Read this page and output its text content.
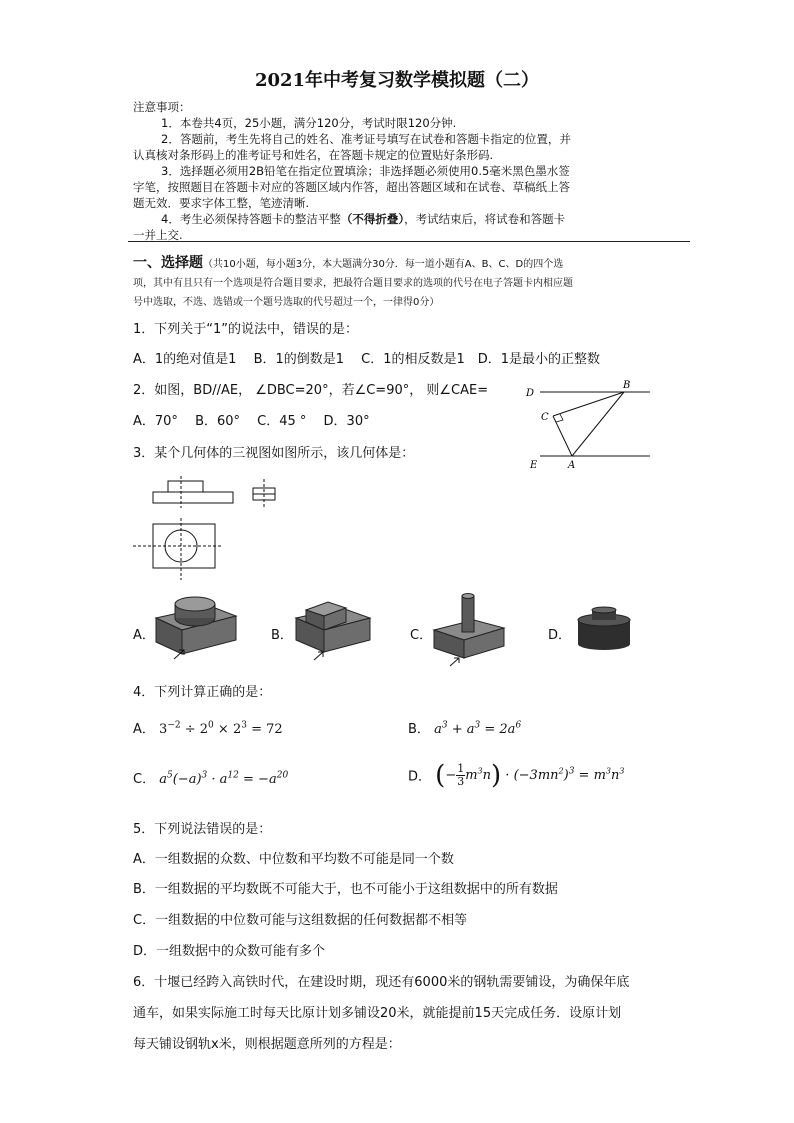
2021年中考复习数学模拟题（二）
注意事项：
1．本卷共4页，25小题，满分120分，考试时限120分钟.
2．答题前，考生先将自己的姓名、准考证号填写在试卷和答题卡指定的位置，并
认真核对条形码上的准考证号和姓名，在答题卡规定的位置贴好条形码.
3．选择题必须用2B铅笔在指定位置填涂；非选择题必须使用0.5毫米黑色墨水签
字笔，按照题目在答题卡对应的答题区域内作答，超出答题区域和在试卷、草稿纸上答
题无效．要求字体工整，笔迹清晰.
4．考生必须保持答题卡的整洁平整（不得折叠），考试结束后，将试卷和答题卡
一并上交.
一、选择题（共10小题，每小题3分，本大题满分30分．每一道小题有A、B、C、D的四个选
项，其中有且只有一个选项是符合题目要求，把最符合题目要求的选项的代号在电子答题卡内相应题
号中选取，不选、选错或一个题号选取的代号超过一个，一律得0分）
1．下列关于“1”的说法中，错误的是：
A．1的绝对值是1　 B．1的倒数是1　 C．1的相反数是1　D．1是最小的正整数
2．如图，BD//AE， ∠DBC=20°，若∠C=90°， 则∠CAE=
A．70°　 B．60°　 C．45 °　 D．30°
D
B
C
E	A
3．某个几何体的三视图如图所示，该几何体是：
A．	B．	C．	D．
4．下列计算正确的是：
A． $3^{-2} \div 2^0 \times 2^3 = 72$	B． $a^3 + a^3 = 2a^6$
C． $a^5(-a)^3 \cdot a^{12} = -a^{20}$	D． (− $\frac{1}{3} m^3n) \cdot (-3mn^2)^3 = m^3n^3$
5．下列说法错误的是：
A．一组数据的众数、中位数和平均数不可能是同一个数
B．一组数据的平均数既不可能大于，也不可能小于这组数据中的所有数据
C．一组数据的中位数可能与这组数据的任何数据都不相等
D．一组数据中的众数可能有多个
6．十堰已经跨入高铁时代，在建设时期，现还有6000米的钢轨需要铺设，为确保年底
通车，如果实际施工时每天比原计划多铺设20米，就能提前15天完成任务．设原计划
每天铺设钢轨x米，则根据题意所列的方程是：
